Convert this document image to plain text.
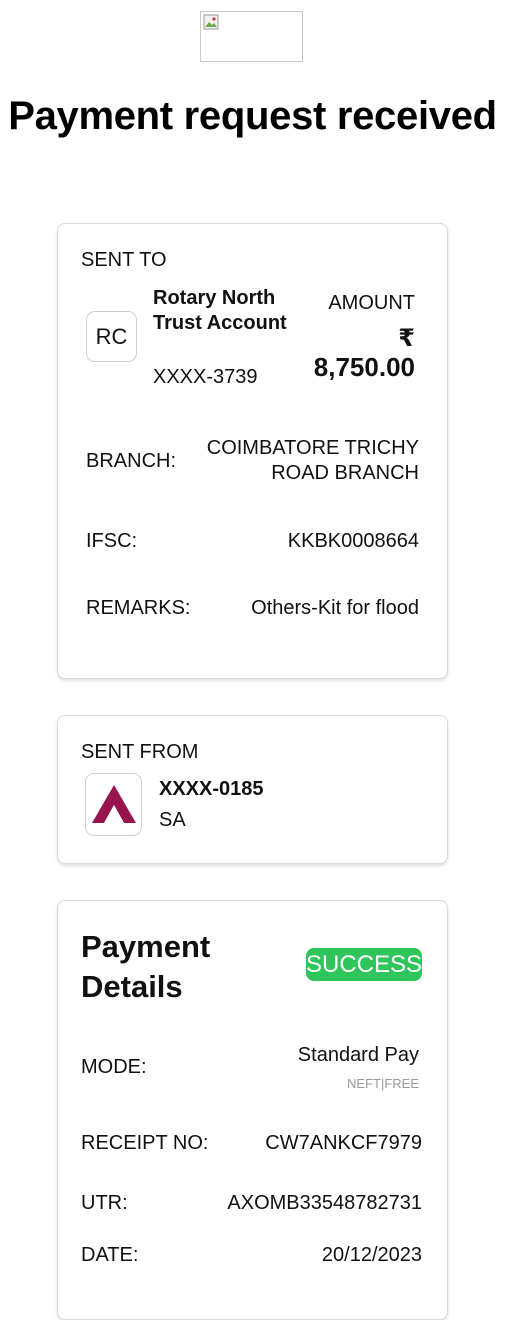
Payment request received
SENT TO
RC
Rotary North Trust Account
XXXX-3739
AMOUNT
₹
8,750.00
BRANCH:
COIMBATORE TRICHY ROAD BRANCH
IFSC:	KKBK0008664
REMARKS:	Others-Kit for flood
SENT FROM
XXXX-0185
SA
Payment Details
SUCCESS
MODE:
Standard Pay
NEFT|FREE
RECEIPT NO:	CW7ANKCF7979
UTR:	AXOMB33548782731
DATE:	20/12/2023
